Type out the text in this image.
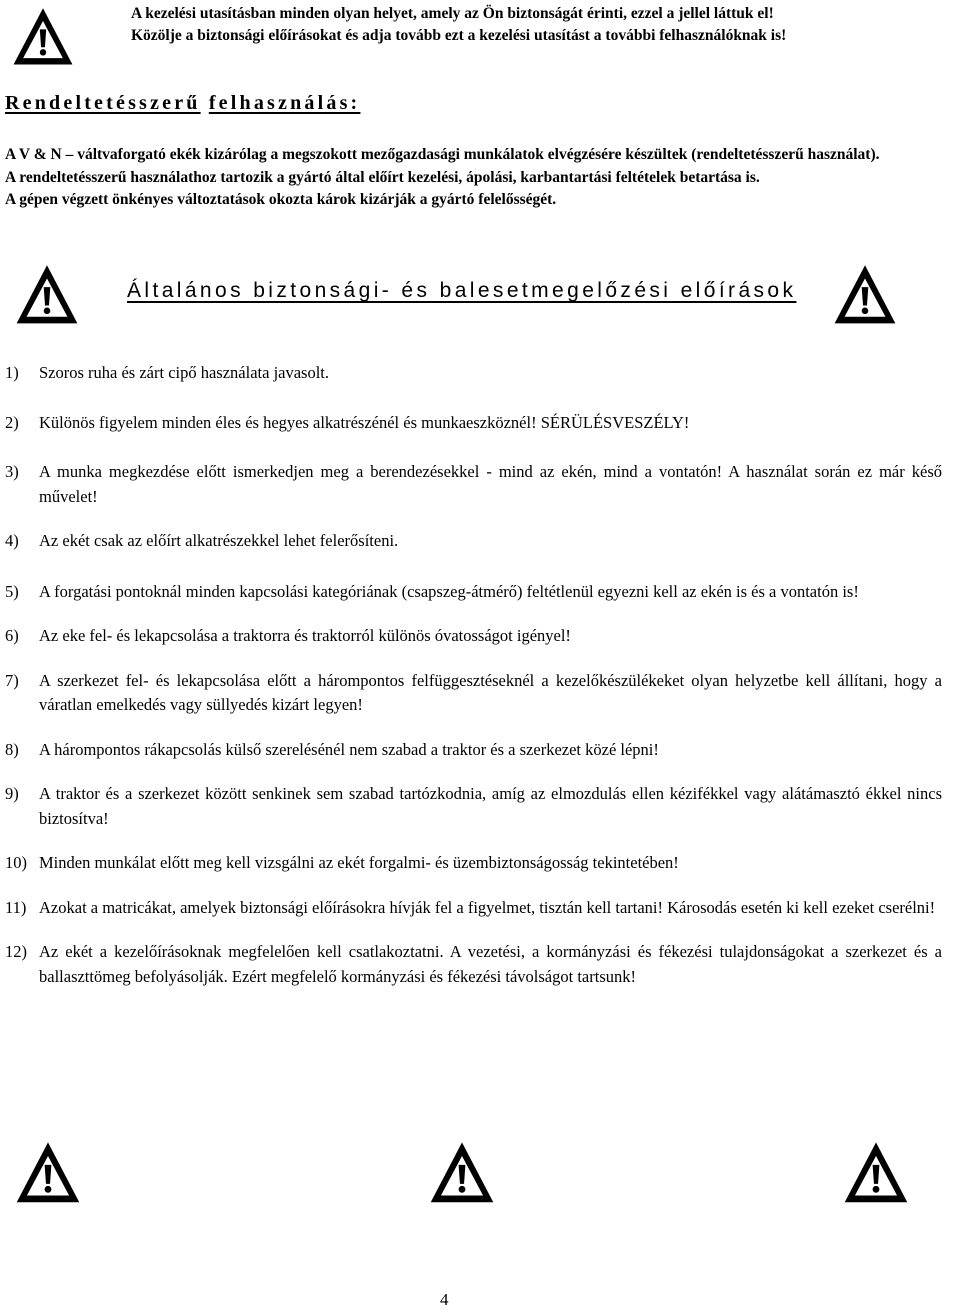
A kezelési utasításban minden olyan helyet, amely az Ön biztonságát érinti, ezzel a jellel láttuk el! Közölje a biztonsági előírásokat és adja tovább ezt a kezelési utasítást a további felhasználóknak is!
Rendeltetésszerű felhasználás:

A V & N – váltvaforgató ekék kizárólag a megszokott mezőgazdasági munkálatok elvégzésére készültek (rendeltetésszerű használat).

A rendeltetésszerű használathoz tartozik a gyártó által előírt kezelési, ápolási, karbantartási feltételek betartása is.

A gépen végzett önkényes változtatások okozta károk kizárják a gyártó felelősségét.

Általános biztonsági- és balesetmegelőzési előírások
1) Szoros ruha és zárt cipő használata javasolt.
2) Különös figyelem minden éles és hegyes alkatrészénél és munkaeszköznél! SÉRÜLÉSVESZÉLY!
3) A munka megkezdése előtt ismerkedjen meg a berendezésekkel - mind az ekén, mind a vontatón! A használat során ez már késő művelet!
4) Az ekét csak az előírt alkatrészekkel lehet felerősíteni.
5) A forgatási pontoknál minden kapcsolási kategóriának (csapszeg-átmérő) feltétlenül egyezni kell az ekén is és a vontatón is!
6) Az eke fel- és lekapcsolása a traktorra és traktorról különös óvatosságot igényel!
7) A szerkezet fel- és lekapcsolása előtt a hárompontos felfüggesztéseknél a kezelőkészülékeket olyan helyzetbe kell állítani, hogy a váratlan emelkedés vagy süllyedés kizárt legyen!
8) A hárompontos rákapcsolás külső szerelésénél nem szabad a traktor és a szerkezet közé lépni!
9) A traktor és a szerkezet között senkinek sem szabad tartózkodnia, amíg az elmozdulás ellen kézifékkel vagy alátámasztó ékkel nincs biztosítva!
10) Minden munkálat előtt meg kell vizsgálni az ekét forgalmi- és üzembiztonságosság tekintetében!
11) Azokat a matricákat, amelyek biztonsági előírásokra hívják fel a figyelmet, tisztán kell tartani! Károsodás esetén ki kell ezeket cserélni!
12) Az ekét a kezelőírásoknak megfelelően kell csatlakoztatni. A vezetési, a kormányzási és fékezési tulajdonságokat a szerkezet és a ballaszttömeg befolyásolják. Ezért megfelelő kormányzási és fékezési távolságot tartsunk!
4
